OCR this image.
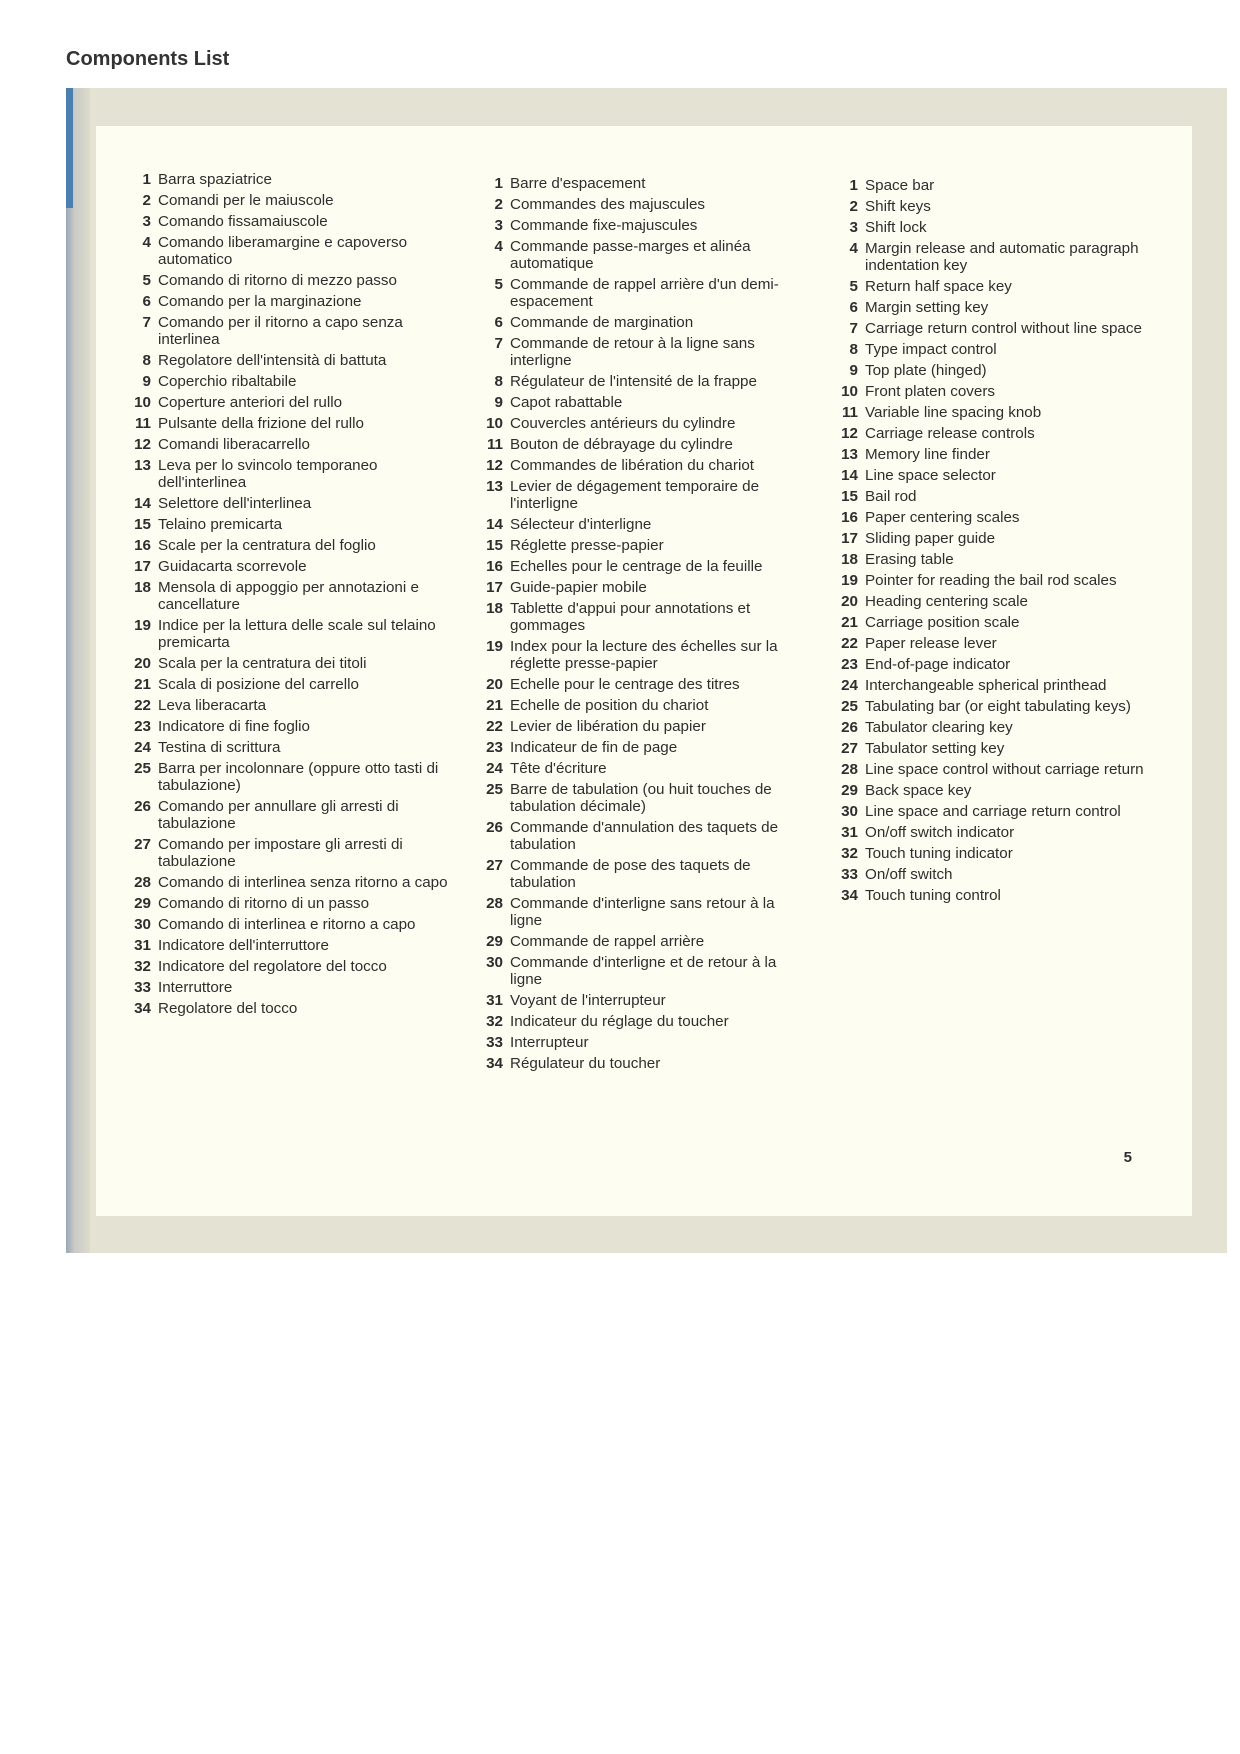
Components List
1 Barra spaziatrice
2 Comandi per le maiuscole
3 Comando fissamaiuscole
4 Comando liberamargine e capoverso automatico
5 Comando di ritorno di mezzo passo
6 Comando per la marginazione
7 Comando per il ritorno a capo senza interlinea
8 Regolatore dell'intensità di battuta
9 Coperchio ribaltabile
10 Coperture anteriori del rullo
11 Pulsante della frizione del rullo
12 Comandi liberacarrello
13 Leva per lo svincolo temporaneo dell'interlinea
14 Selettore dell'interlinea
15 Telaino premicarta
16 Scale per la centratura del foglio
17 Guidacarta scorrevole
18 Mensola di appoggio per annotazioni e cancellature
19 Indice per la lettura delle scale sul telaino premicarta
20 Scala per la centratura dei titoli
21 Scala di posizione del carrello
22 Leva liberacarta
23 Indicatore di fine foglio
24 Testina di scrittura
25 Barra per incolonnare (oppure otto tasti di tabulazione)
26 Comando per annullare gli arresti di tabulazione
27 Comando per impostare gli arresti di tabulazione
28 Comando di interlinea senza ritorno a capo
29 Comando di ritorno di un passo
30 Comando di interlinea e ritorno a capo
31 Indicatore dell'interruttore
32 Indicatore del regolatore del tocco
33 Interruttore
34 Regolatore del tocco
1 Barre d'espacement
2 Commandes des majuscules
3 Commande fixe-majuscules
4 Commande passe-marges et alinéa automatique
5 Commande de rappel arrière d'un demi-espacement
6 Commande de margination
7 Commande de retour à la ligne sans interligne
8 Régulateur de l'intensité de la frappe
9 Capot rabattable
10 Couvercles antérieurs du cylindre
11 Bouton de débrayage du cylindre
12 Commandes de libération du chariot
13 Levier de dégagement temporaire de l'interligne
14 Sélecteur d'interligne
15 Réglette presse-papier
16 Echelles pour le centrage de la feuille
17 Guide-papier mobile
18 Tablette d'appui pour annotations et gommages
19 Index pour la lecture des échelles sur la réglette presse-papier
20 Echelle pour le centrage des titres
21 Echelle de position du chariot
22 Levier de libération du papier
23 Indicateur de fin de page
24 Tête d'écriture
25 Barre de tabulation (ou huit touches de tabulation décimale)
26 Commande d'annulation des taquets de tabulation
27 Commande de pose des taquets de tabulation
28 Commande d'interligne sans retour à la ligne
29 Commande de rappel arrière
30 Commande d'interligne et de retour à la ligne
31 Voyant de l'interrupteur
32 Indicateur du réglage du toucher
33 Interrupteur
34 Régulateur du toucher
1 Space bar
2 Shift keys
3 Shift lock
4 Margin release and automatic paragraph indentation key
5 Return half space key
6 Margin setting key
7 Carriage return control without line space
8 Type impact control
9 Top plate (hinged)
10 Front platen covers
11 Variable line spacing knob
12 Carriage release controls
13 Memory line finder
14 Line space selector
15 Bail rod
16 Paper centering scales
17 Sliding paper guide
18 Erasing table
19 Pointer for reading the bail rod scales
20 Heading centering scale
21 Carriage position scale
22 Paper release lever
23 End-of-page indicator
24 Interchangeable spherical printhead
25 Tabulating bar (or eight tabulating keys)
26 Tabulator clearing key
27 Tabulator setting key
28 Line space control without carriage return
29 Back space key
30 Line space and carriage return control
31 On/off switch indicator
32 Touch tuning indicator
33 On/off switch
34 Touch tuning control
5
